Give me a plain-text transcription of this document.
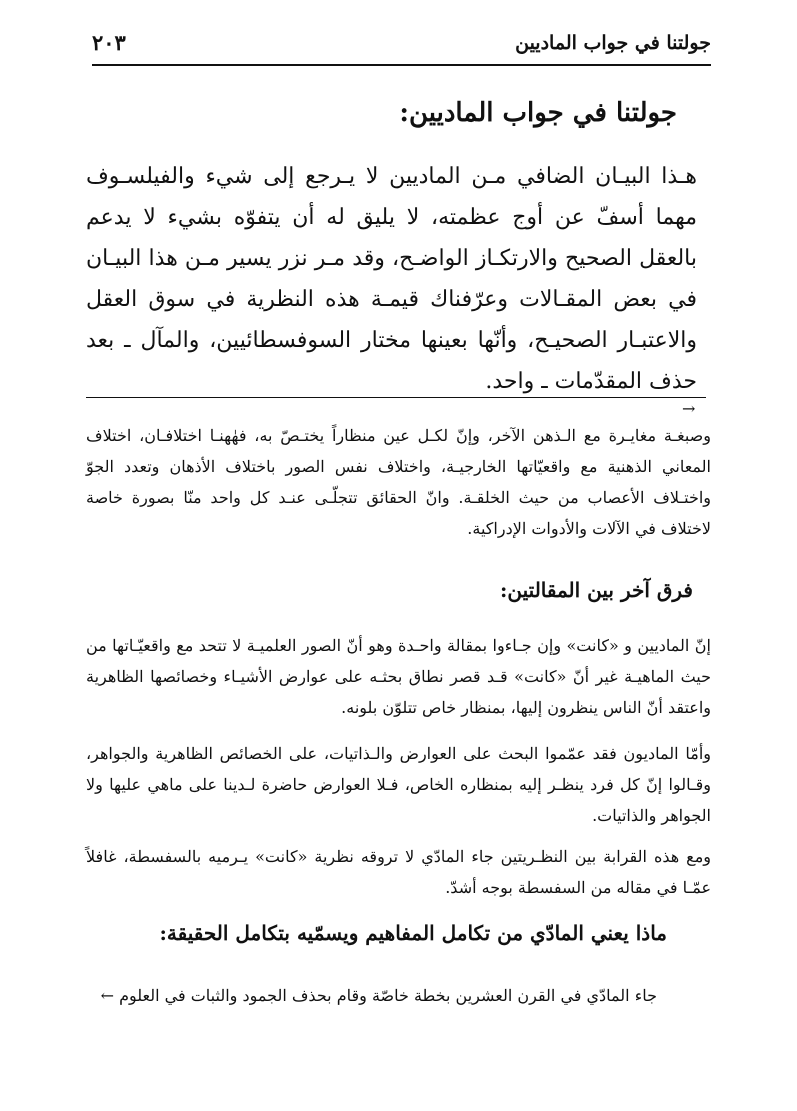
جولتنا في جواب الماديين
٢٠٣
جولتنا في جواب الماديين:

هـذا البيـان الضافي مـن الماديين لا يـرجع إلى شيء والفيلسـوف مهما أسفّ عن أوج عظمته، لا يليق له أن يتفوّه بشيء لا يدعم بالعقل الصحيح والارتكـاز الواضـح، وقد مـر نزر يسير مـن هذا البيـان في بعض المقـالات وعرّفناك قيمـة هذه النظرية في سوق العقل والاعتبـار الصحيـح، وأنّها بعينها مختار السوفسطائيين، والمآل ـ بعد حذف المقدّمات ـ واحد.

→

وصبغـة مغايـرة مع الـذهن الآخر، وإنّ لكـل عين منظاراً يختـصّ به، فهٰهنـا اختلافـان، اختلاف المعاني الذهنية مع واقعيّاتها الخارجيـة، واختلاف نفس الصور باختلاف الأذهان وتعدد الجوّ واختـلاف الأعصاب من حيث الخلقـة. وانّ الحقائق تتجلّـى عنـد كل واحد منّا بصورة خاصة لاختلاف في الآلات والأدوات الإدراكية.

فرق آخر بين المقالتين:

إنّ الماديين و «كانت» وإن جـاءوا بمقالة واحـدة وهو أنّ الصور العلميـة لا تتحد مع واقعيّـاتها من حيث الماهيـة غير أنّ «كانت» قـد قصر نطاق بحثـه على عوارض الأشيـاء وخصائصها الظاهرية واعتقد أنّ الناس ينظرون إليها، بمنظار خاص تتلوّن بلونه.

وأمّا الماديون فقد عمّموا البحث على العوارض والـذاتيات، على الخصائص الظاهرية والجواهر، وقـالوا إنّ كل فرد ينظـر إليه بمنظاره الخاص، فـلا العوارض حاضرة لـدينا على ماهي عليها ولا الجواهر والذاتيات.

ومع هذه القرابة بين النظـريتين جاء المادّي لا تروقه نظرية «كانت» يـرميه بالسفسطة، غافلاً عمّـا في مقاله من السفسطة بوجه أشدّ.

ماذا يعني المادّي من تكامل المفاهيم ويسمّيه بتكامل الحقيقة:
جاء المادّي في القرن العشرين بخطة خاصّة وقام بحذف الجمود والثبات في العلوم ←
